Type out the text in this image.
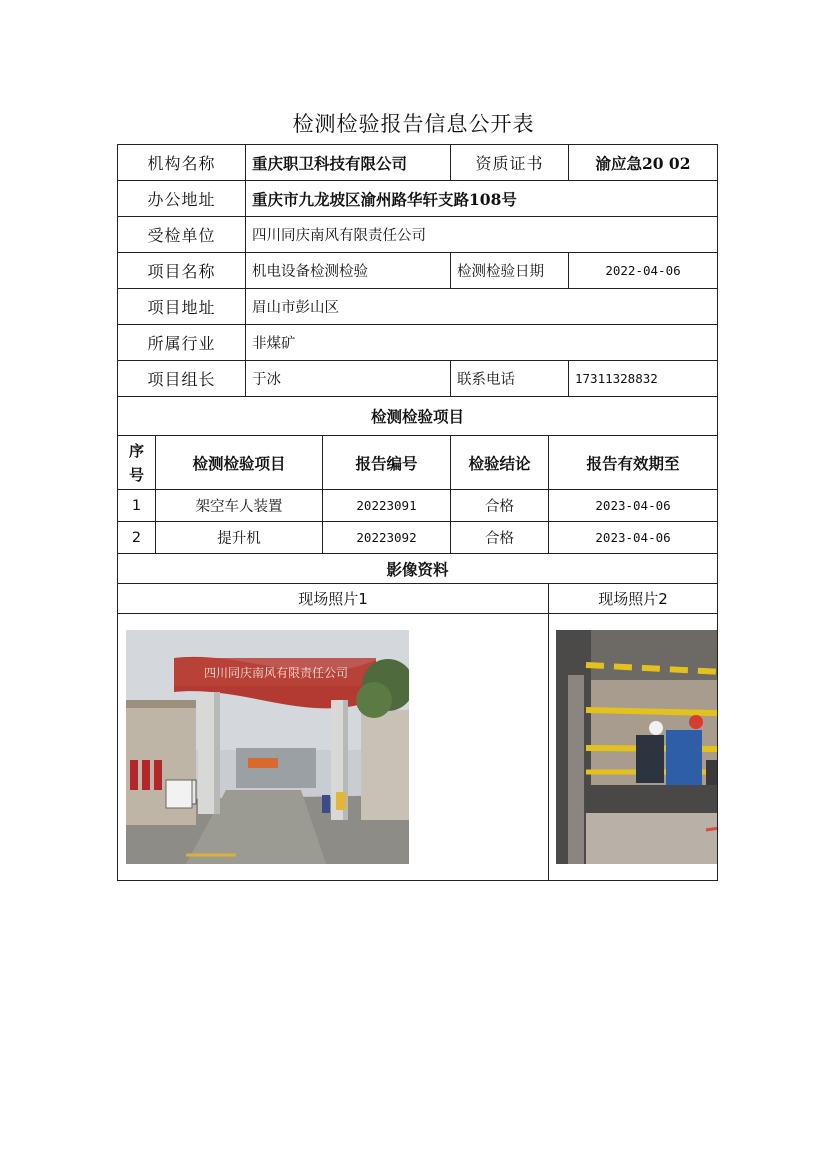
检测检验报告信息公开表
机构名称	重庆职卫科技有限公司	资质证书	渝应急20 02
办公地址	重庆市九龙坡区渝州路华轩支路108号		
受检单位	四川同庆南风有限责任公司		
项目名称	机电设备检测检验	检测检验日期	2022-04-06
项目地址	眉山市彭山区		
所属行业	非煤矿		
项目组长	于冰	联系电话	17311328832
检测检验项目				
序号	检测检验项目	报告编号	检验结论	报告有效期至
1	架空车人装置	20223091	合格	2023-04-06
2	提升机	20223092	合格	2023-04-06
影像资料				
现场照片1				现场照片2

四川同庆南风有限责任公司
